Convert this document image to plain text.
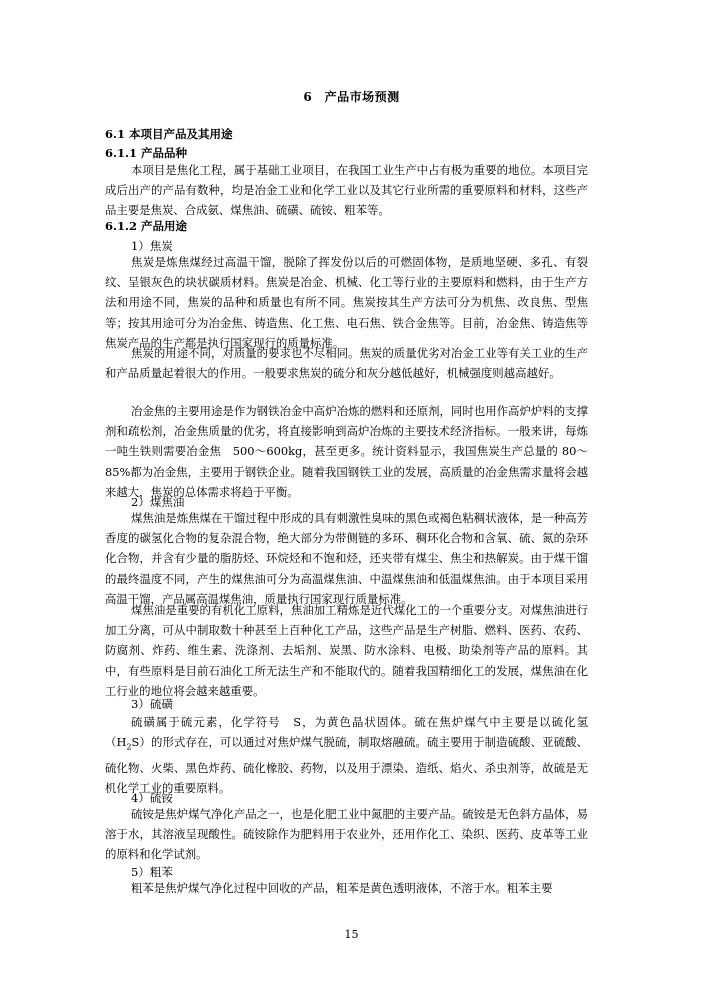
6　产品市场预测
6.1 本项目产品及其用途
6.1.1 产品品种

本项目是焦化工程，属于基础工业项目，在我国工业生产中占有极为重要的地位。本项目完成后出产的产品有数种，均是冶金工业和化学工业以及其它行业所需的重要原料和材料，这些产品主要是焦炭、合成氨、煤焦油、硫磺、硫铵、粗苯等。

6.1.2 产品用途
1）焦炭

焦炭是炼焦煤经过高温干馏，脱除了挥发份以后的可燃固体物，是质地坚硬、多孔、有裂纹、呈银灰色的块状碳质材料。焦炭是冶金、机械、化工等行业的主要原料和燃料，由于生产方法和用途不同，焦炭的品种和质量也有所不同。焦炭按其生产方法可分为机焦、改良焦、型焦等；按其用途可分为冶金焦、铸造焦、化工焦、电石焦、铁合金焦等。目前，冶金焦、铸造焦等焦炭产品的生产都是执行国家现行的质量标准。

焦炭的用途不同，对质量的要求也不尽相同。焦炭的质量优劣对冶金工业等有关工业的生产和产品质量起着很大的作用。一般要求焦炭的硫分和灰分越低越好，机械强度则越高越好。

冶金焦的主要用途是作为钢铁冶金中高炉冶炼的燃料和还原剂，同时也用作高炉炉料的支撑剂和疏松剂，冶金焦质量的优劣，将直接影响到高炉冶炼的主要技术经济指标。一般来讲，每炼一吨生铁则需要冶金焦　500～600kg，甚至更多。统计资料显示，我国焦炭生产总量的 80～85%都为冶金焦，主要用于钢铁企业。随着我国钢铁工业的发展，高质量的冶金焦需求量将会越来越大，焦炭的总体需求将趋于平衡。

2）煤焦油

煤焦油是炼焦煤在干馏过程中形成的具有刺激性臭味的黑色或褐色粘稠状液体，是一种高芳香度的碳氢化合物的复杂混合物，绝大部分为带侧链的多环、稠环化合物和含氧、硫、氮的杂环化合物，并含有少量的脂肪烃、环烷烃和不饱和烃，还夹带有煤尘、焦尘和热解炭。由于煤干馏的最终温度不同，产生的煤焦油可分为高温煤焦油、中温煤焦油和低温煤焦油。由于本项目采用高温干馏，产品属高温煤焦油，质量执行国家现行质量标准。

煤焦油是重要的有机化工原料，焦油加工精炼是近代煤化工的一个重要分支。对煤焦油进行加工分离，可从中制取数十种甚至上百种化工产品，这些产品是生产树脂、燃料、医药、农药、防腐剂、炸药、维生素、洗涤剂、去垢剂、炭黑、防水涂料、电极、助染剂等产品的原料。其中，有些原料是目前石油化工所无法生产和不能取代的。随着我国精细化工的发展，煤焦油在化工行业的地位将会越来越重要。

3）硫磺

硫磺属于硫元素，化学符号　S，为黄色晶状固体。硫在焦炉煤气中主要是以硫化氢$(H_2S)$的形式存在，可以通过对焦炉煤气脱硫，制取熔融硫。硫主要用于制造硫酸、亚硫酸、硫化物、火柴、黑色炸药、硫化橡胶、药物，以及用于漂染、造纸、焰火、杀虫剂等，故硫是无机化学工业的重要原料。

4）硫铵

硫铵是焦炉煤气净化产品之一，也是化肥工业中氮肥的主要产品。硫铵是无色斜方晶体，易溶于水，其溶液呈现酸性。硫铵除作为肥料用于农业外，还用作化工、染织、医药、皮革等工业的原料和化学试剂。

5）粗苯

粗苯是焦炉煤气净化过程中回收的产品，粗苯是黄色透明液体，不溶于水。粗苯主要

15
